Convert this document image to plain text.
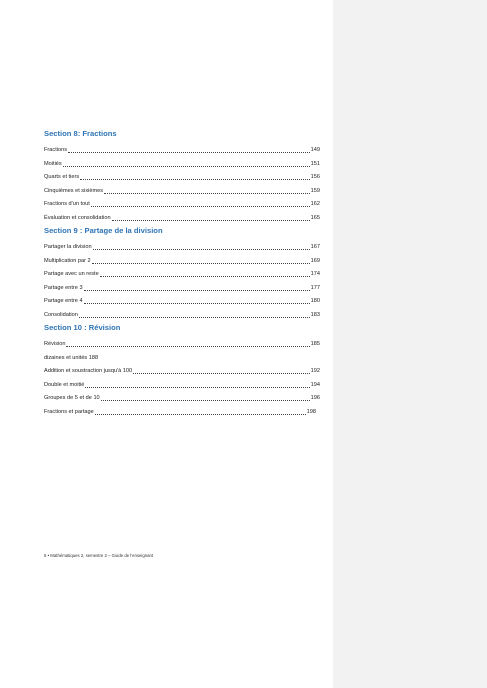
Section 8: Fractions
Fractions	149
Moitiés	151
Quarts et tiers	156
Cinquièmes et sixièmes	159
Fractions d'un tout	162
Évaluation et consolidation	165
Section 9 : Partage de la division
Partager la division	167
Multiplication par 2	169
Partage avec un reste	174
Partage entre 3	177
Partage entre 4	180
Consolidation	183
Section 10 : Révision
Révision	185
dizaines et unités 188
Addition et soustraction jusqu'à 100	192
Double et moitié	194
Groupes de 5 et de 10	196
Fractions et partage	198
5 • Mathématiques 2, semestre 2 – Guide de l'enseignant
